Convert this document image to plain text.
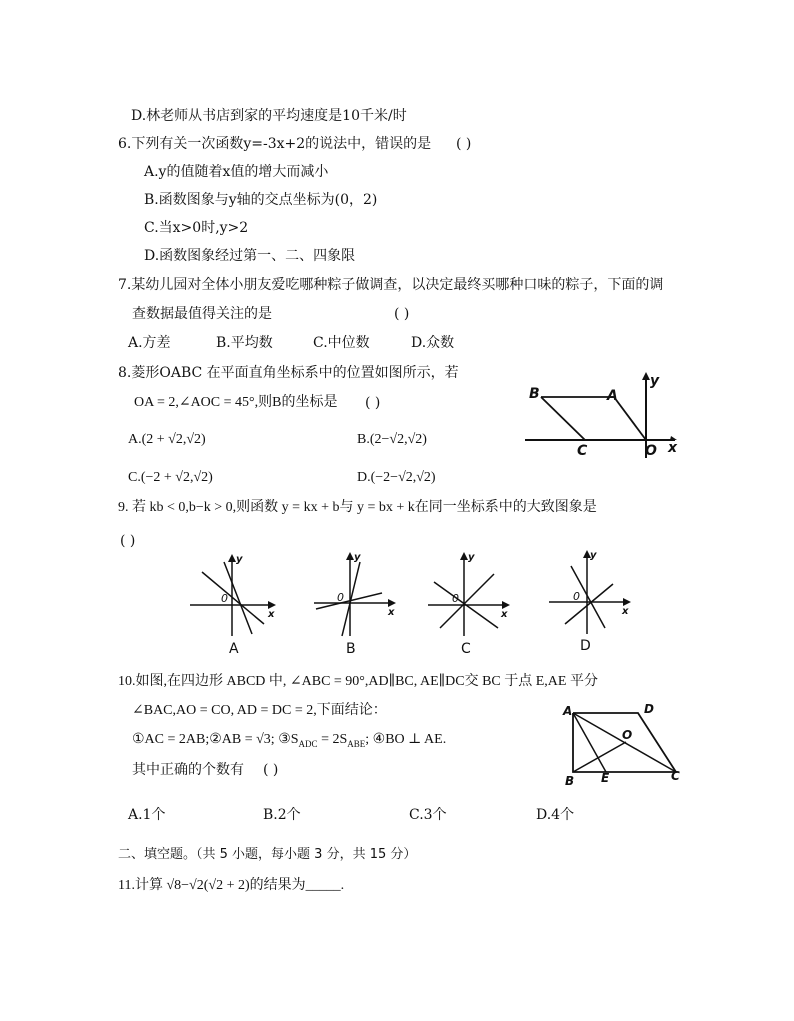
D.林老师从书店到家的平均速度是10千米/时
6.下列有关一次函数y=-3x+2的说法中，错误的是 ( )
A.y的值随着x值的增大而减小
B.函数图象与y轴的交点坐标为(0，2)
C.当x>0时,y>2
D.函数图象经过第一、二、四象限
7.某幼儿园对全体小朋友爱吃哪种粽子做调查，以决定最终买哪种口味的粽子，下面的调
查数据最值得关注的是	( )
A.方差	B.平均数	C.中位数	D.众数
8.菱形OABC 在平面直角坐标系中的位置如图所示，若
OA = 2,∠AOC = 45°,则B的坐标是 ( )
A.(2 + √2,√2)	B.(2−√2,√2)
C.(−2 + √2,√2)	D.(−2−√2,√2)
B	A
y
C	O x
9. 若 kb < 0,b−k > 0,则函数 y = kx + b与 y = bx + k在同一坐标系中的大致图象是
( )
y
0
x
A
y
0
x
B
y
0
x
C
y
0
x
D
10.如图,在四边形 ABCD 中, ∠ABC = 90°,AD∥BC, AE∥DC交 BC 于点 E,AE 平分
∠BAC,AO = CO, AD = DC = 2,下面结论：
①AC = 2AB;②AB = √3; $③S_{ADC} = 2S_{ABE}$; ④BO ⊥ AE.
其中正确的个数有 ( )
A.1个	B.2个	C.3个	D.4个
A	D
O
B E	C
二、填空题。（共 5 小题，每小题 3 分，共 15 分）
11.计算 √8−√2(√2 + 2)的结果为_____.
